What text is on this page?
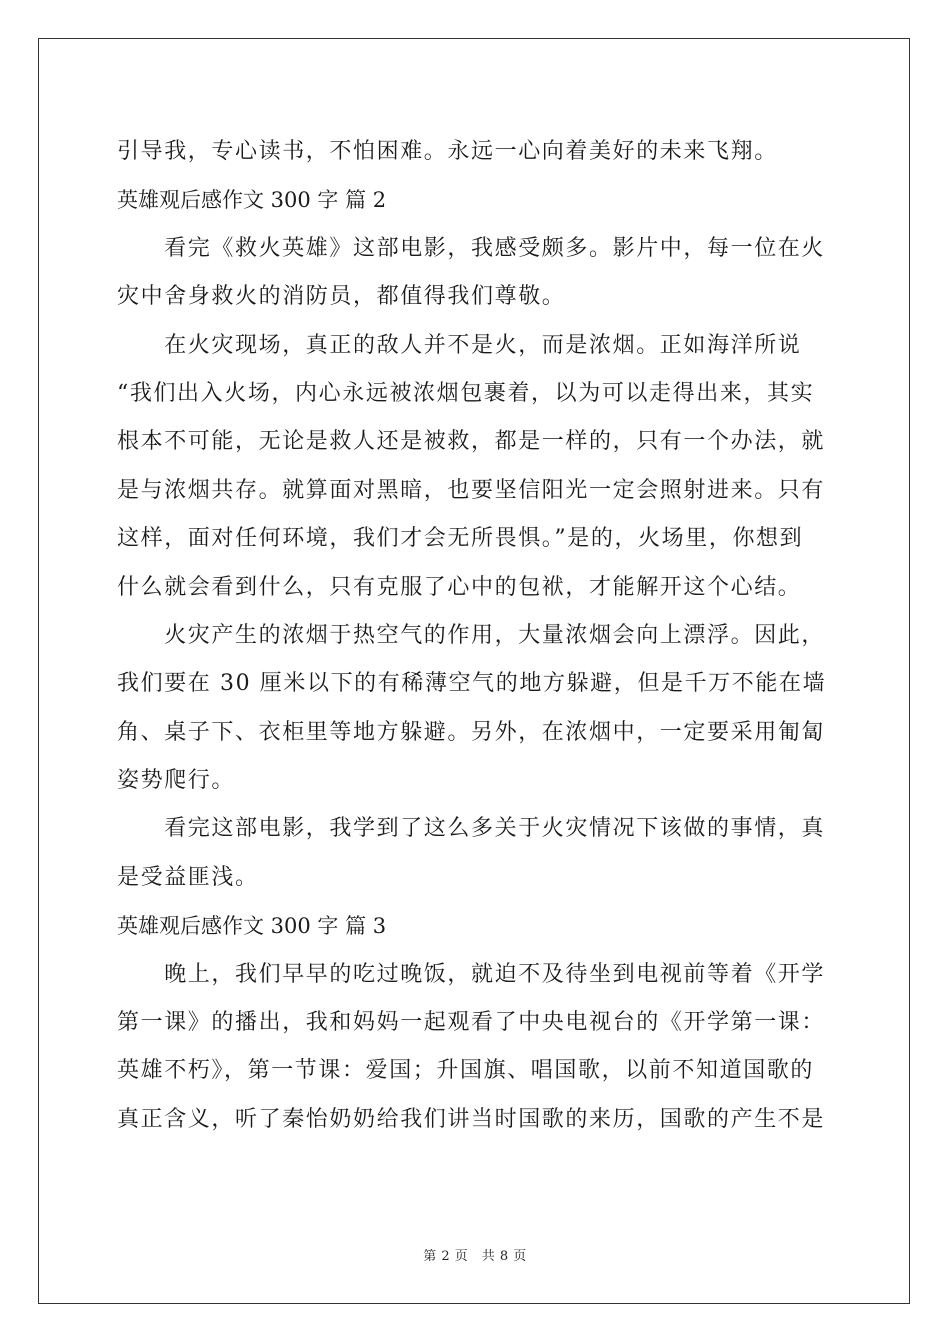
引导我，专心读书，不怕困难。永远一心向着美好的未来飞翔。
英雄观后感作文 300 字 篇 2
　　看完《救火英雄》这部电影，我感受颇多。影片中，每一位在火
灾中舍身救火的消防员，都值得我们尊敬。
　　在火灾现场，真正的敌人并不是火，而是浓烟。正如海洋所说
“我们出入火场，内心永远被浓烟包裹着，以为可以走得出来，其实
根本不可能，无论是救人还是被救，都是一样的，只有一个办法，就
是与浓烟共存。就算面对黑暗，也要坚信阳光一定会照射进来。只有
这样，面对任何环境，我们才会无所畏惧。”是的，火场里，你想到
什么就会看到什么，只有克服了心中的包袱，才能解开这个心结。
　　火灾产生的浓烟于热空气的作用，大量浓烟会向上漂浮。因此，
我们要在 30 厘米以下的有稀薄空气的地方躲避，但是千万不能在墙
角、桌子下、衣柜里等地方躲避。另外，在浓烟中，一定要采用匍匐
姿势爬行。
　　看完这部电影，我学到了这么多关于火灾情况下该做的事情，真
是受益匪浅。
英雄观后感作文 300 字 篇 3
　　晚上，我们早早的吃过晚饭，就迫不及待坐到电视前等着《开学
第一课》的播出，我和妈妈一起观看了中央电视台的《开学第一课：
英雄不朽》，第一节课：爱国；升国旗、唱国歌，以前不知道国歌的
真正含义，听了秦怡奶奶给我们讲当时国歌的来历，国歌的产生不是
第 2 页　共 8 页
